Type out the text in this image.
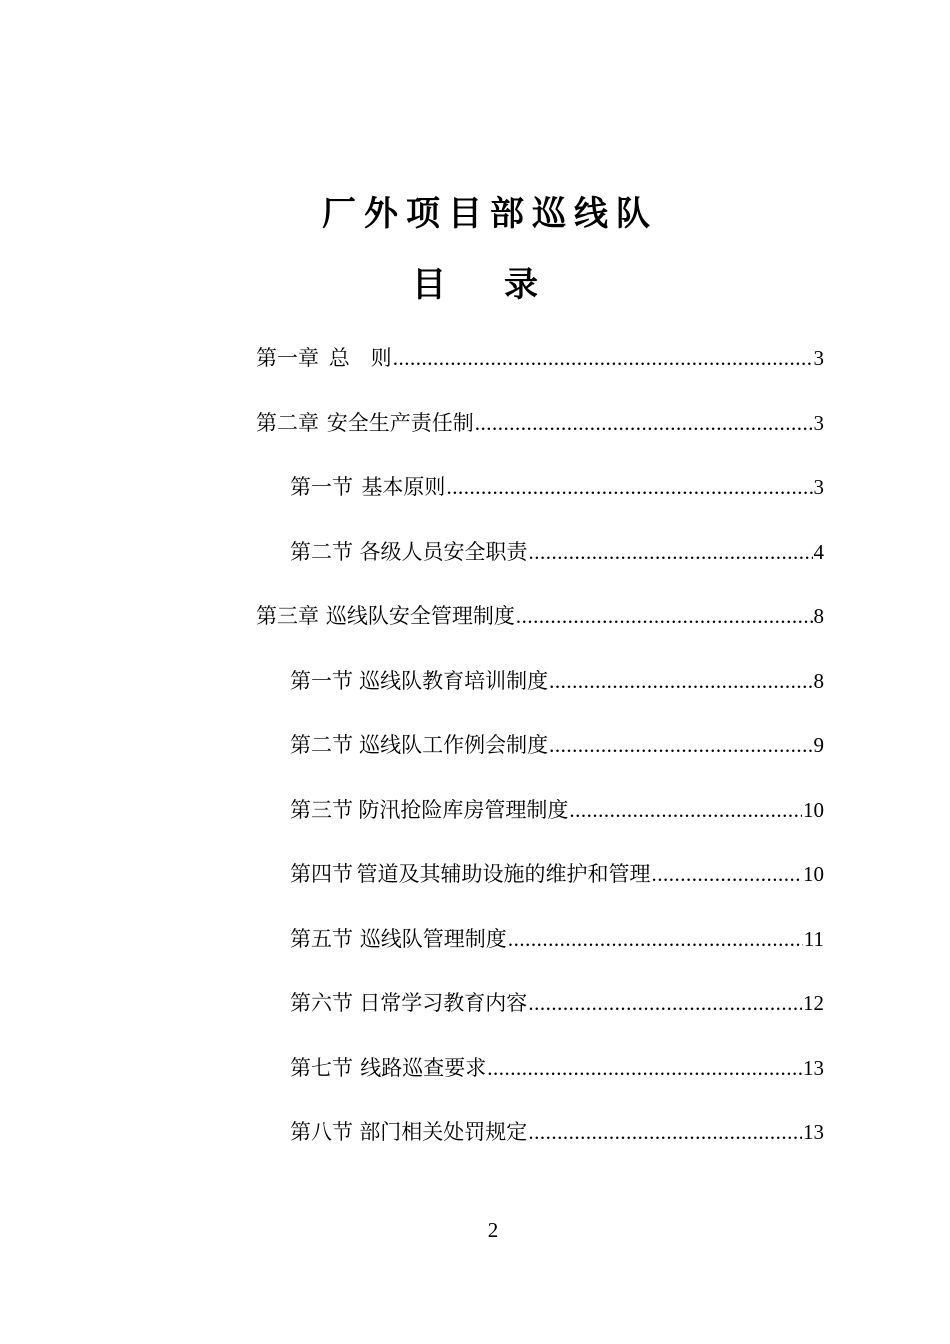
厂外项目部巡线队
目 录
第一章 总　则 .....	3
第二章 安全生产责任制 .....	3
第一节 基本原则 .....	3
第二节 各级人员安全职责 .....	4
第三章 巡线队安全管理制度 .....	8
第一节 巡线队教育培训制度 .....	8
第二节 巡线队工作例会制度 .....	9
第三节 防汛抢险库房管理制度 .....	10
第四节 管道及其辅助设施的维护和管理 .....	10
第五节 巡线队管理制度 .....	11
第六节 日常学习教育内容 .....	12
第七节 线路巡查要求 .....	13
第八节 部门相关处罚规定 .....	13
2
